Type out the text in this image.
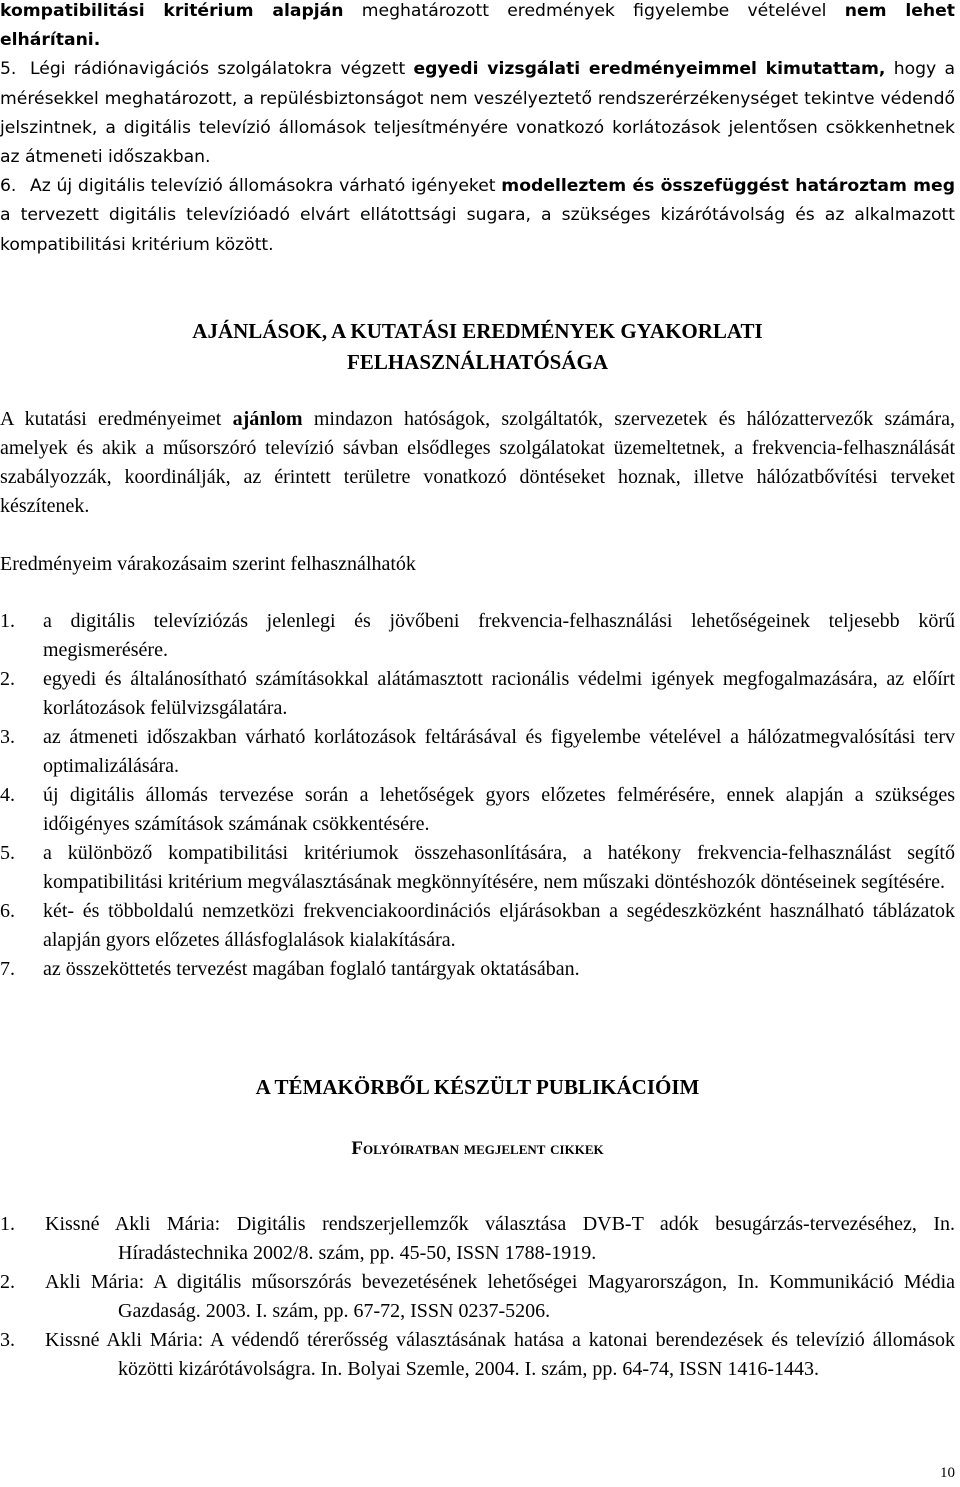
kompatibilitási kritérium alapján meghatározott eredmények figyelembe vételével nem lehet elhárítani.
5. Légi rádiónavigációs szolgálatokra végzett egyedi vizsgálati eredményeimmel kimutattam, hogy a mérésekkel meghatározott, a repülésbiztonságot nem veszélyeztető rendszerérzékenységet tekintve védendő jelszintnek, a digitális televízió állomások teljesítményére vonatkozó korlátozások jelentősen csökkenhetnek az átmeneti időszakban.
6. Az új digitális televízió állomásokra várható igényeket modelleztem és összefüggést határoztam meg a tervezett digitális televízióadó elvárt ellátottsági sugara, a szükséges kizárótávolság és az alkalmazott kompatibilitási kritérium között.
AJÁNLÁSOK, A KUTATÁSI EREDMÉNYEK GYAKORLATI
FELHASZNÁLHATÓSÁGA
A kutatási eredményeimet ajánlom mindazon hatóságok, szolgáltatók, szervezetek és hálózattervezők számára, amelyek és akik a műsorszóró televízió sávban elsődleges szolgálatokat üzemeltetnek, a frekvencia-felhasználását szabályozzák, koordinálják, az érintett területre vonatkozó döntéseket hoznak, illetve hálózatbővítési terveket készítenek.
Eredményeim várakozásaim szerint felhasználhatók
1. a digitális televíziózás jelenlegi és jövőbeni frekvencia-felhasználási lehetőségeinek teljesebb körű megismerésére.
2. egyedi és általánosítható számításokkal alátámasztott racionális védelmi igények megfogalmazására, az előírt korlátozások felülvizsgálatára.
3. az átmeneti időszakban várható korlátozások feltárásával és figyelembe vételével a hálózatmegvalósítási terv optimalizálására.
4. új digitális állomás tervezése során a lehetőségek gyors előzetes felmérésére, ennek alapján a szükséges időigényes számítások számának csökkentésére.
5. a különböző kompatibilitási kritériumok összehasonlítására, a hatékony frekvencia-felhasználást segítő kompatibilitási kritérium megválasztásának megkönnyítésére, nem műszaki döntéshozók döntéseinek segítésére.
6. két- és többoldalú nemzetközi frekvenciakoordinációs eljárásokban a segédeszközként használható táblázatok alapján gyors előzetes állásfoglalások kialakítására.
7. az összeköttetés tervezést magában foglaló tantárgyak oktatásában.
A TÉMAKÖRBŐL KÉSZÜLT PUBLIKÁCIÓIM
Folyóiratban megjelent cikkek
1. Kissné Akli Mária: Digitális rendszerjellemzők választása DVB-T adók besugárzás-tervezéséhez, In. Híradástechnika 2002/8. szám, pp. 45-50, ISSN 1788-1919.
2. Akli Mária: A digitális műsorszórás bevezetésének lehetőségei Magyarországon, In. Kommunikáció Média Gazdaság. 2003. I. szám, pp. 67-72, ISSN 0237-5206.
3. Kissné Akli Mária: A védendő térerősség választásának hatása a katonai berendezések és televízió állomások közötti kizárótávolságra. In. Bolyai Szemle, 2004. I. szám, pp. 64-74, ISSN 1416-1443.
10
